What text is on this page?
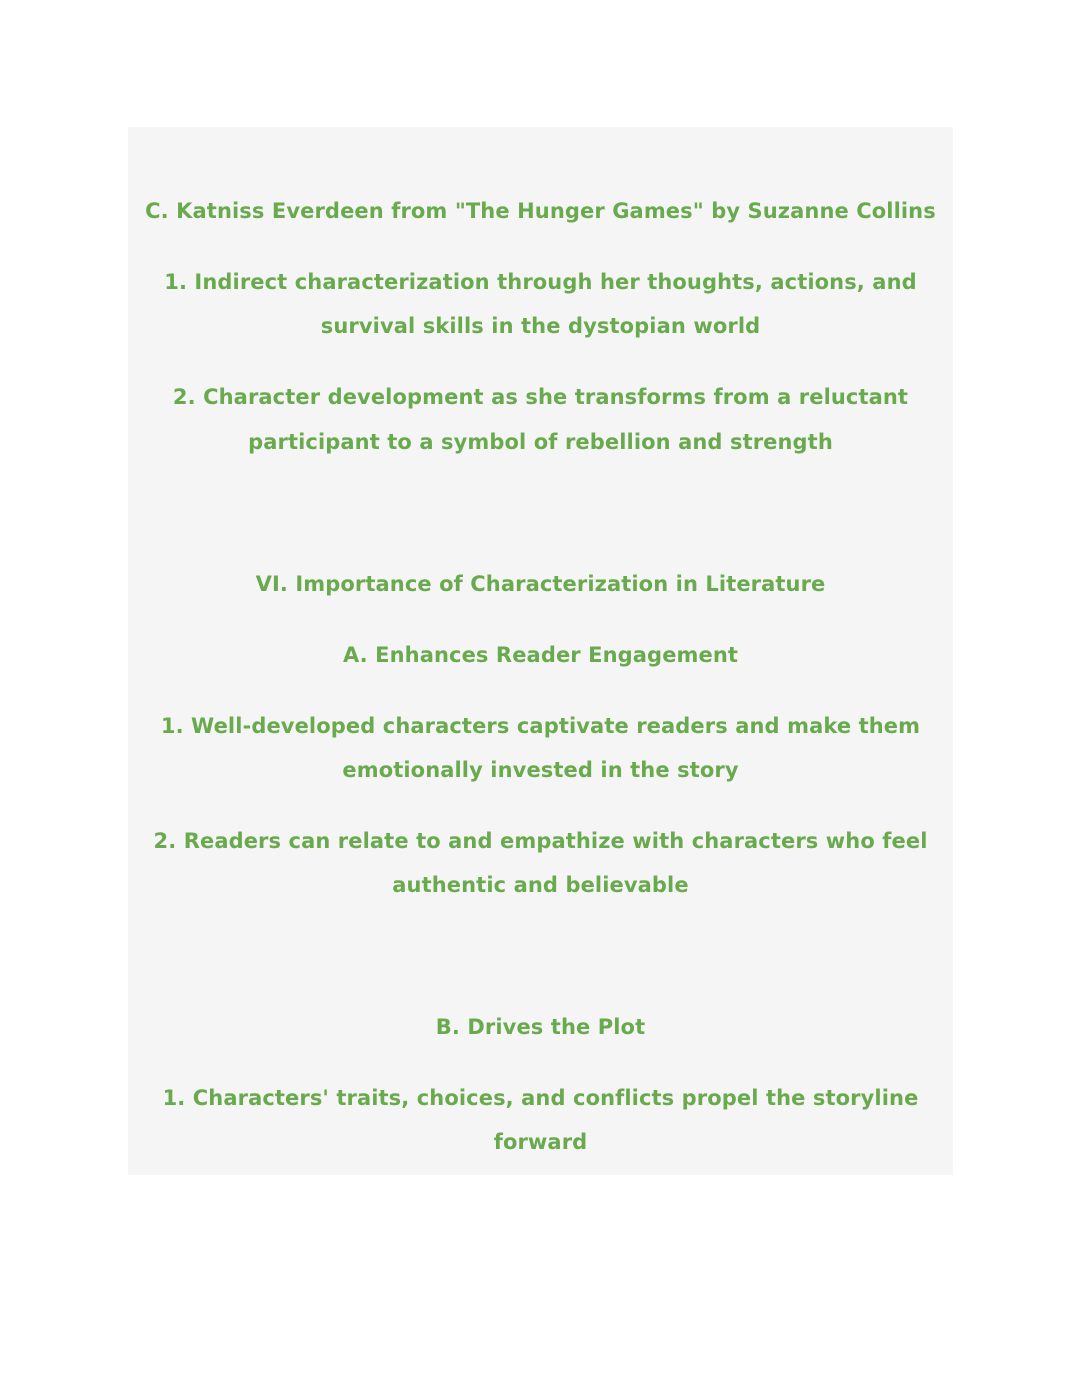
C. Katniss Everdeen from "The Hunger Games" by Suzanne Collins
1. Indirect characterization through her thoughts, actions, and
survival skills in the dystopian world
2. Character development as she transforms from a reluctant
participant to a symbol of rebellion and strength
VI. Importance of Characterization in Literature
A. Enhances Reader Engagement
1. Well-developed characters captivate readers and make them
emotionally invested in the story
2. Readers can relate to and empathize with characters who feel
authentic and believable
B. Drives the Plot
1. Characters' traits, choices, and conflicts propel the storyline
forward
